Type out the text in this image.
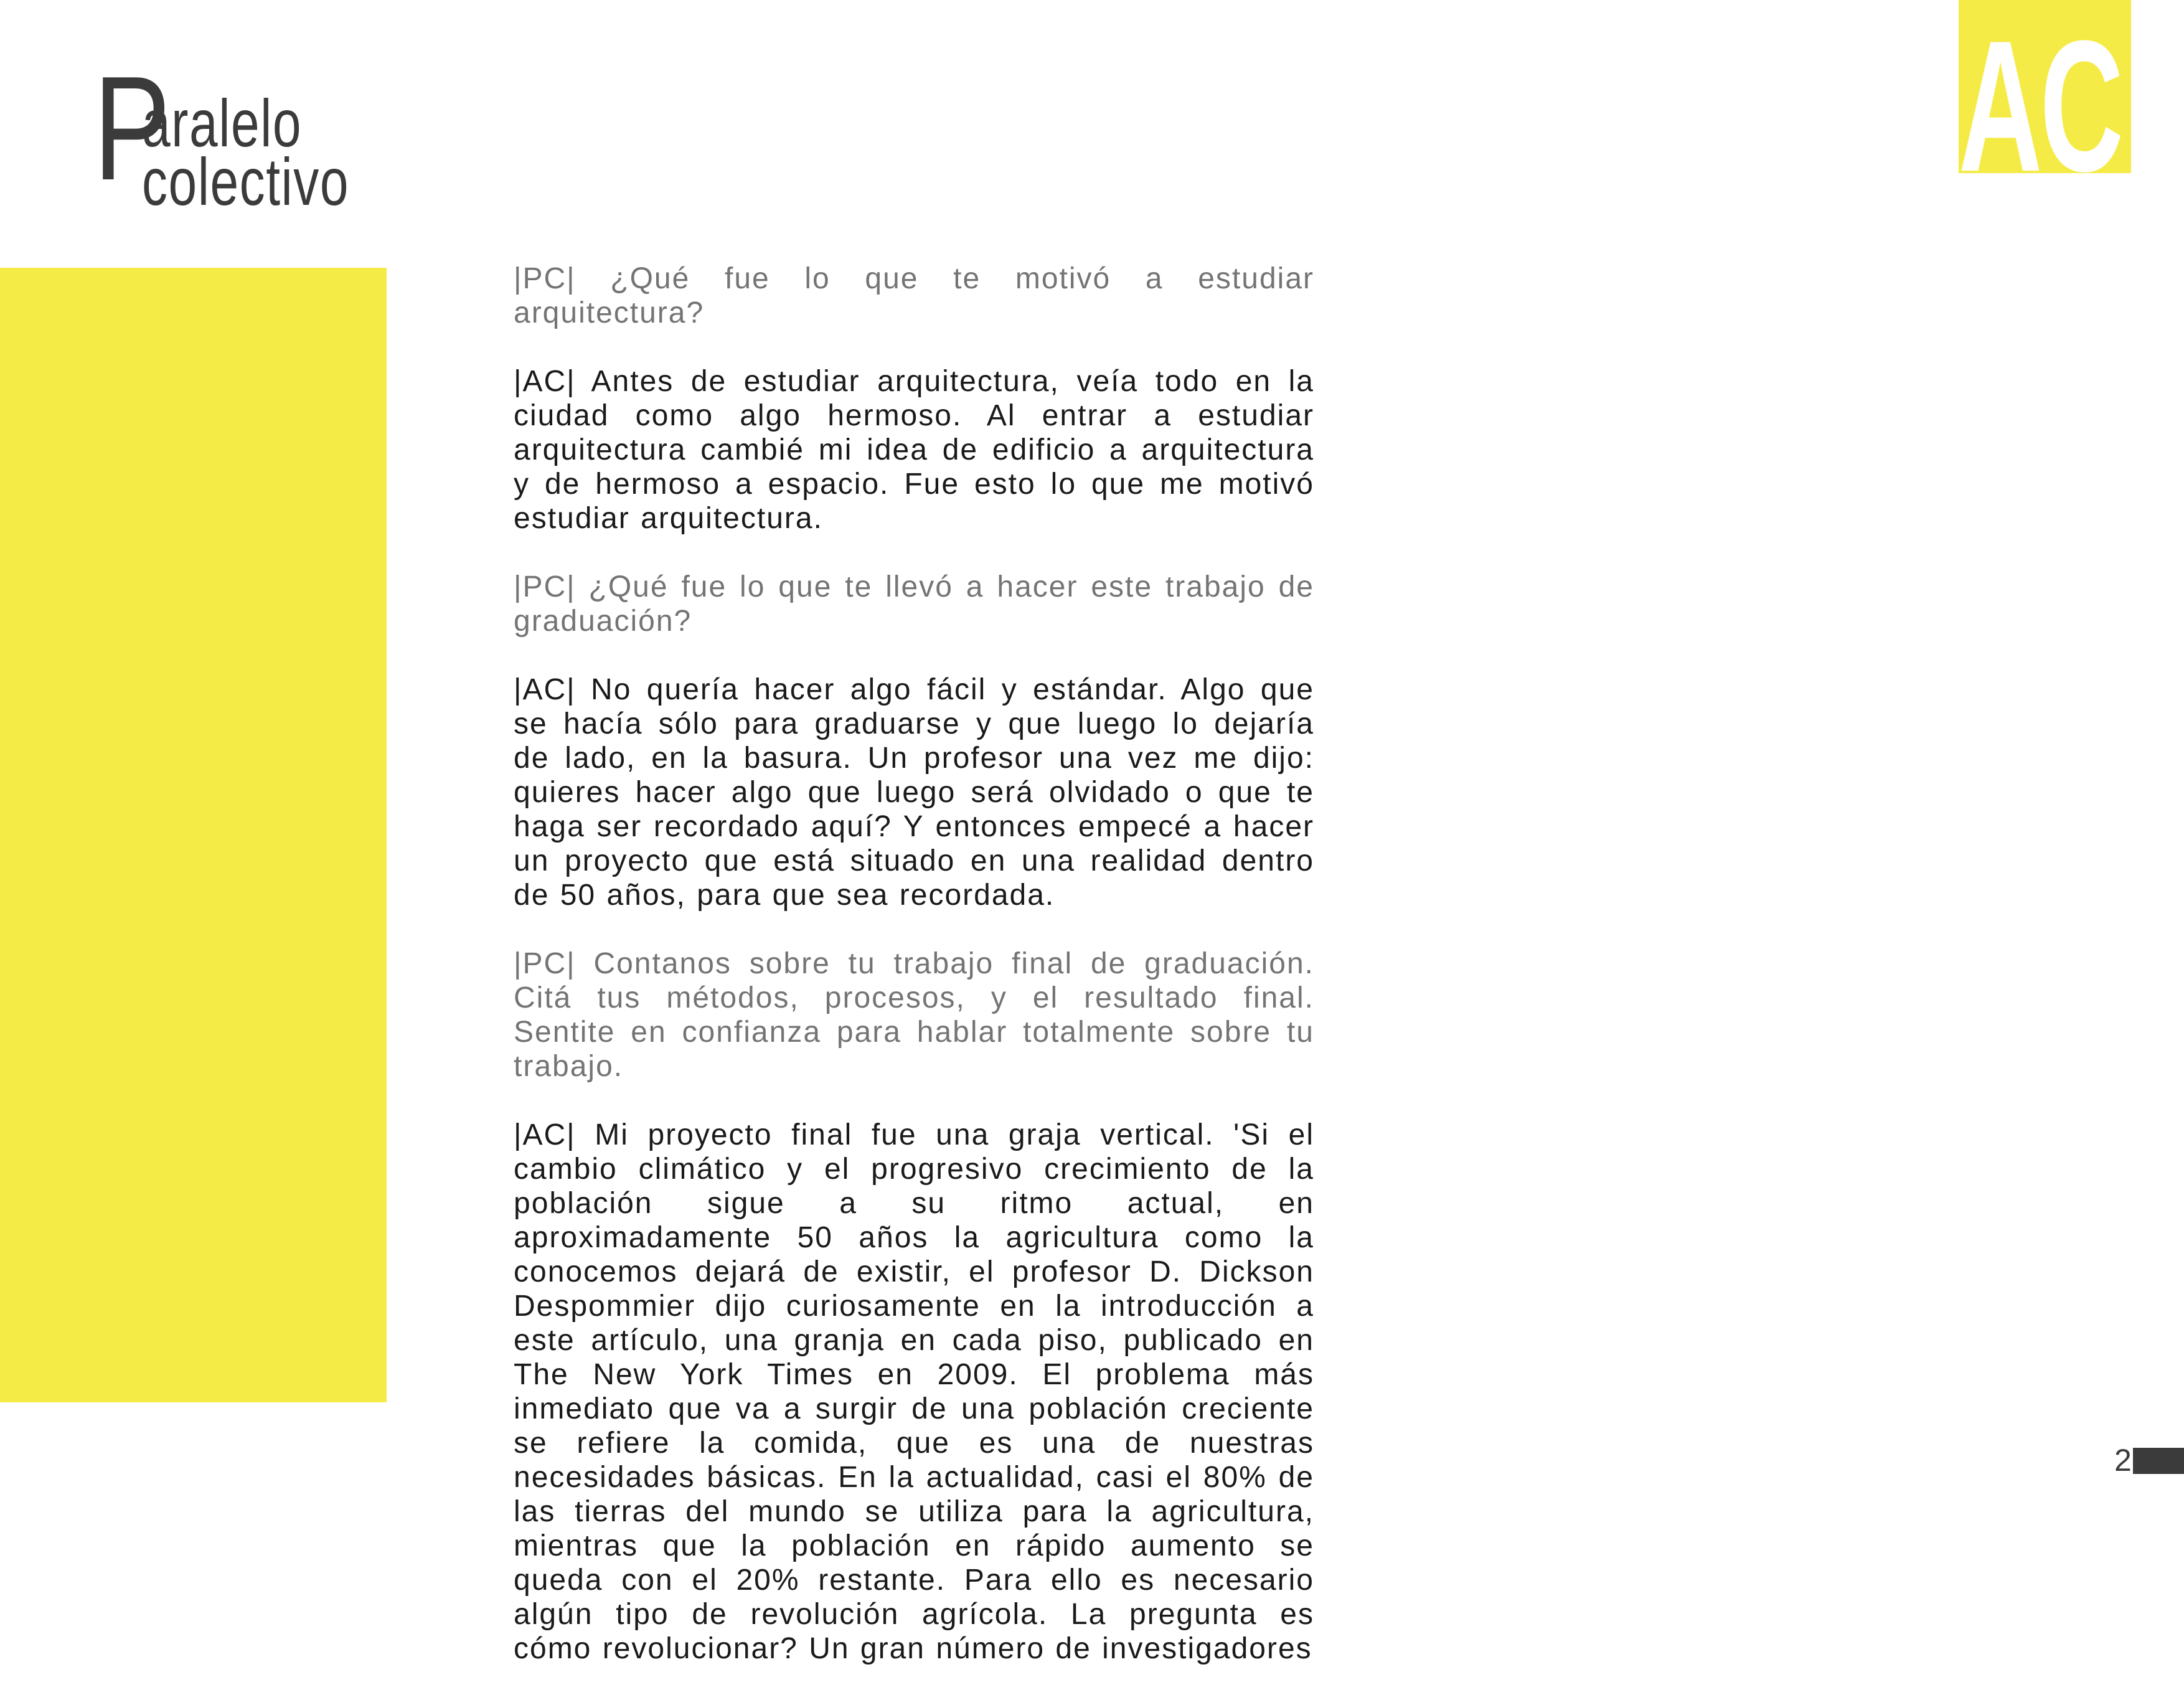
P
aralelo
colectivo	AC

|PC| ¿Qué fue lo que te motivó a estudiar arquitectura?

|AC| Antes de estudiar arquitectura, veía todo en la ciudad como algo hermoso. Al entrar a estudiar arquitectura cambié mi idea de edificio a arquitectura y de hermoso a espacio. Fue esto lo que me motivó estudiar arquitectura.

|PC| ¿Qué fue lo que te llevó a hacer este trabajo de graduación?

|AC| No quería hacer algo fácil y estándar. Algo que se hacía sólo para graduarse y que luego lo dejaría de lado, en la basura. Un profesor una vez me dijo: quieres hacer algo que luego será olvidado o que te haga ser recordado aquí? Y entonces empecé a hacer un proyecto que está situado en una realidad dentro de 50 años, para que sea recordada.

|PC| Contanos sobre tu trabajo final de graduación. Citá tus métodos, procesos, y el resultado final. Sentite en confianza para hablar totalmente sobre tu trabajo.

|AC| Mi proyecto final fue una graja vertical. 'Si el cambio climático y el progresivo crecimiento de la población sigue a su ritmo actual, en aproximadamente 50 años la agricultura como la conocemos dejará de existir, el profesor D. Dickson Despommier dijo curiosamente en la introducción a este artículo, una granja en cada piso, publicado en The New York Times en 2009. El problema más inmediato que va a surgir de una población creciente se refiere la comida, que es una de nuestras necesidades básicas. En la actualidad, casi el 80% de las tierras del mundo se utiliza para la agricultura, mientras que la población en rápido aumento se queda con el 20% restante. Para ello es necesario algún tipo de revolución agrícola. La pregunta es cómo revolucionar? Un gran número de investigadores

2
